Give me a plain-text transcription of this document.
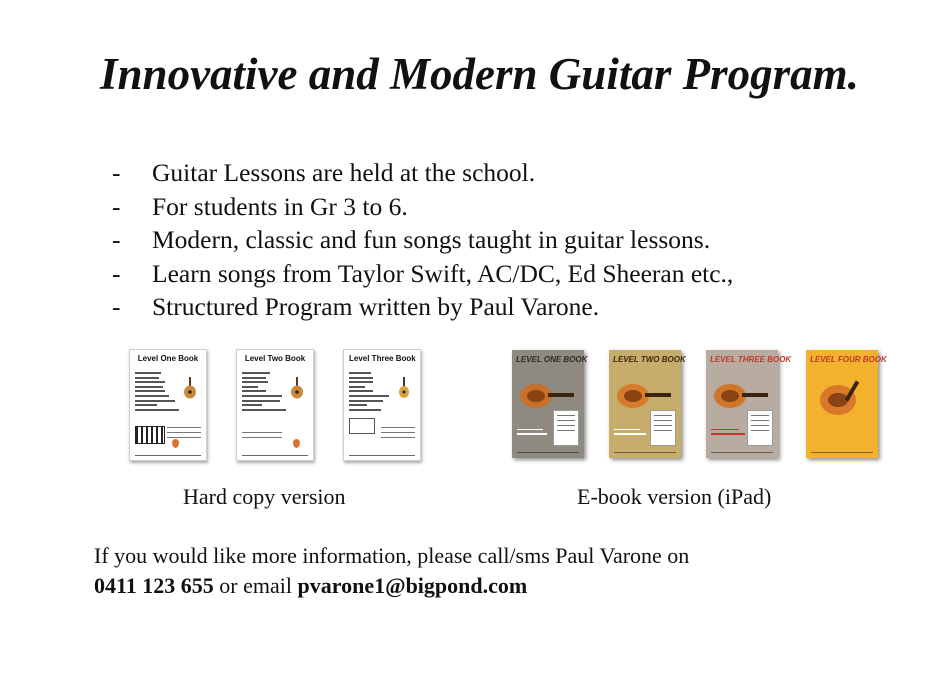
Innovative and Modern Guitar Program.
-	Guitar Lessons are held at the school.
-	For students in Gr 3 to 6.
-	Modern, classic and fun songs taught in guitar lessons.
-	Learn songs from Taylor Swift, AC/DC, Ed Sheeran etc.,
-	Structured Program written by Paul Varone.
Level One Book
	Level Two Book
	Level Three Book
	LEVEL ONE BOOK	LEVEL TWO BOOK	LEVEL THREE BOOK LEVEL FOUR BOOK
Hard copy version	E-book version (iPad)

If you would like more information, please call/sms Paul Varone on
0411 123 655 or email pvarone1@bigpond.com
